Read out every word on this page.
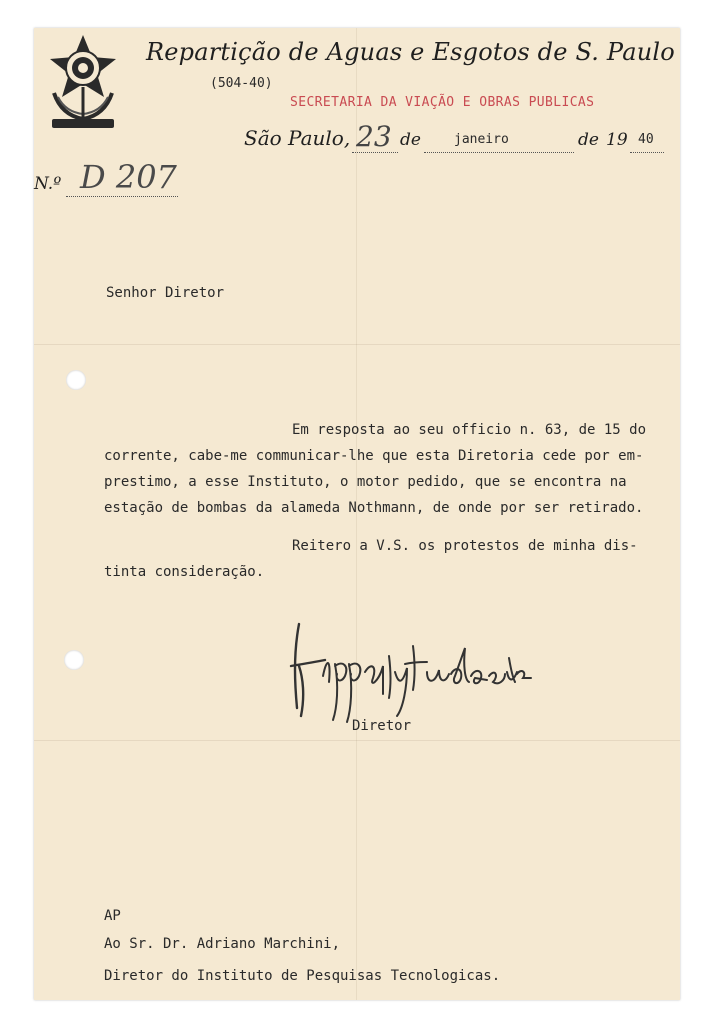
Repartição de Aguas e Esgotos de S. Paulo
(504-40)
SECRETARIA DA VIAÇÃO E OBRAS PUBLICAS
São Paulo, 23 de	janeiro	de 19 40
N.º D 207
Senhor Diretor
Em resposta ao seu officio n. 63, de 15 do
corrente, cabe-me communicar-lhe que esta Diretoria cede por em-
prestimo, a esse Instituto, o motor pedido, que se encontra na
estação de bombas da alameda Nothmann, de onde por ser retirado.
Reitero a V.S. os protestos de minha dis-
tinta consideração.
Diretor
AP
Ao Sr. Dr. Adriano Marchini,
Diretor do Instituto de Pesquisas Tecnologicas.
